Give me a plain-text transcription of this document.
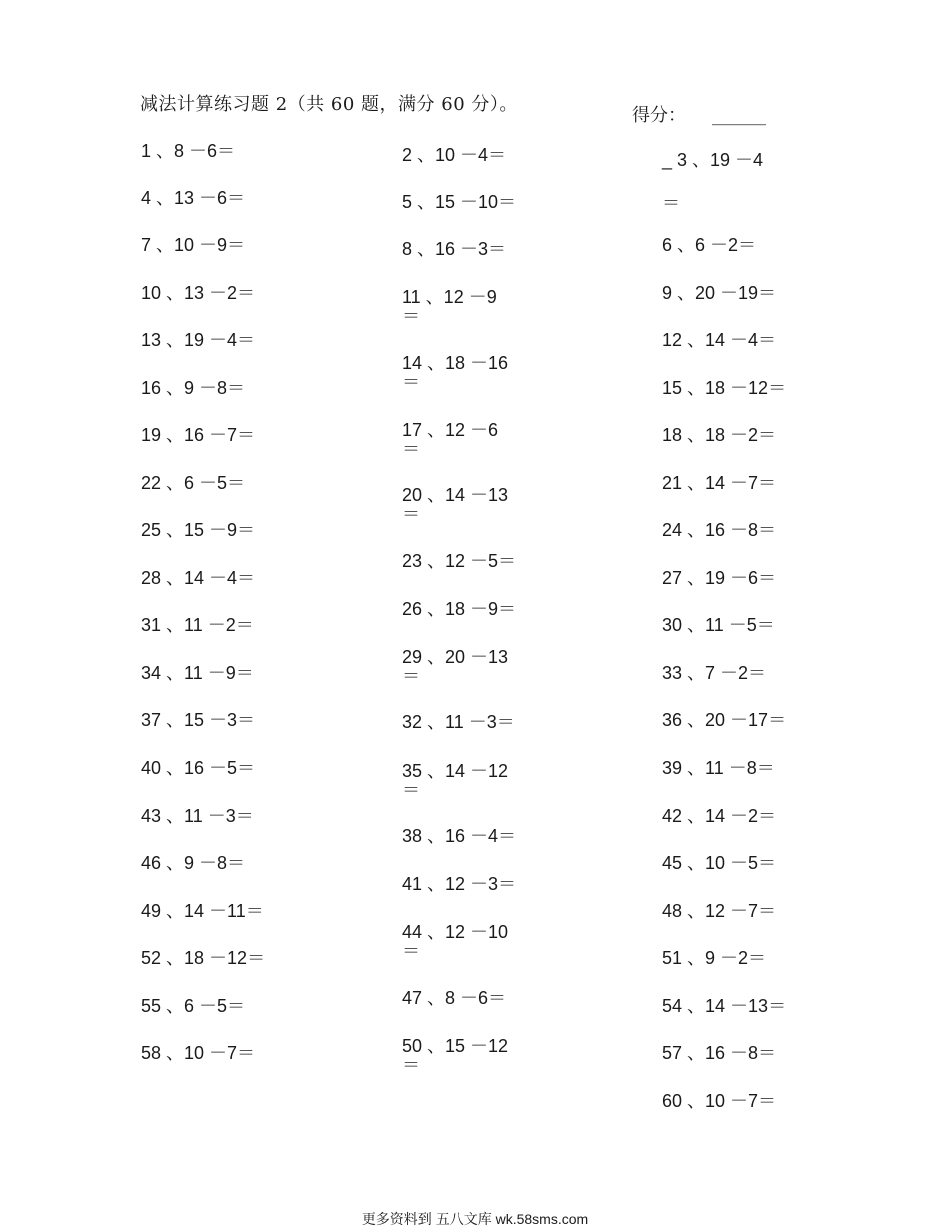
减法计算练习题 2（共 60 题，满分 60 分）。
得分： ______
1 、8 －6＝
4 、13 －6＝
7 、10 －9＝
10 、13 －2＝
13 、19 －4＝
16 、9 －8＝
19 、16 －7＝
22 、6 －5＝
25 、15 －9＝
28 、14 －4＝
31 、11 －2＝
34 、11 －9＝
37 、15 －3＝
40 、16 －5＝
43 、11 －3＝
46 、9 －8＝
49 、14 －11＝
52 、18 －12＝
55 、6 －5＝
58 、10 －7＝
2 、10 －4＝
5 、15 －10＝
8 、16 －3＝
11 、12 －9
＝
14 、18 －16
＝
17 、12 －6
＝
20 、14 －13
＝
23 、12 －5＝
26 、18 －9＝
29 、20 －13
＝
32 、11 －3＝
35 、14 －12
＝
38 、16 －4＝
41 、12 －3＝
44 、12 －10
＝
47 、8 －6＝
50 、15 －12
＝
_ 3 、19 －4
＝
6 、6 －2＝
9 、20 －19＝
12 、14 －4＝
15 、18 －12＝
18 、18 －2＝
21 、14 －7＝
24 、16 －8＝
27 、19 －6＝
30 、11 －5＝
33 、7 －2＝
36 、20 －17＝
39 、11 －8＝
42 、14 －2＝
45 、10 －5＝
48 、12 －7＝
51 、9 －2＝
54 、14 －13＝
57 、16 －8＝
60 、10 －7＝
更多资料到 五八文库 wk.58sms.com
